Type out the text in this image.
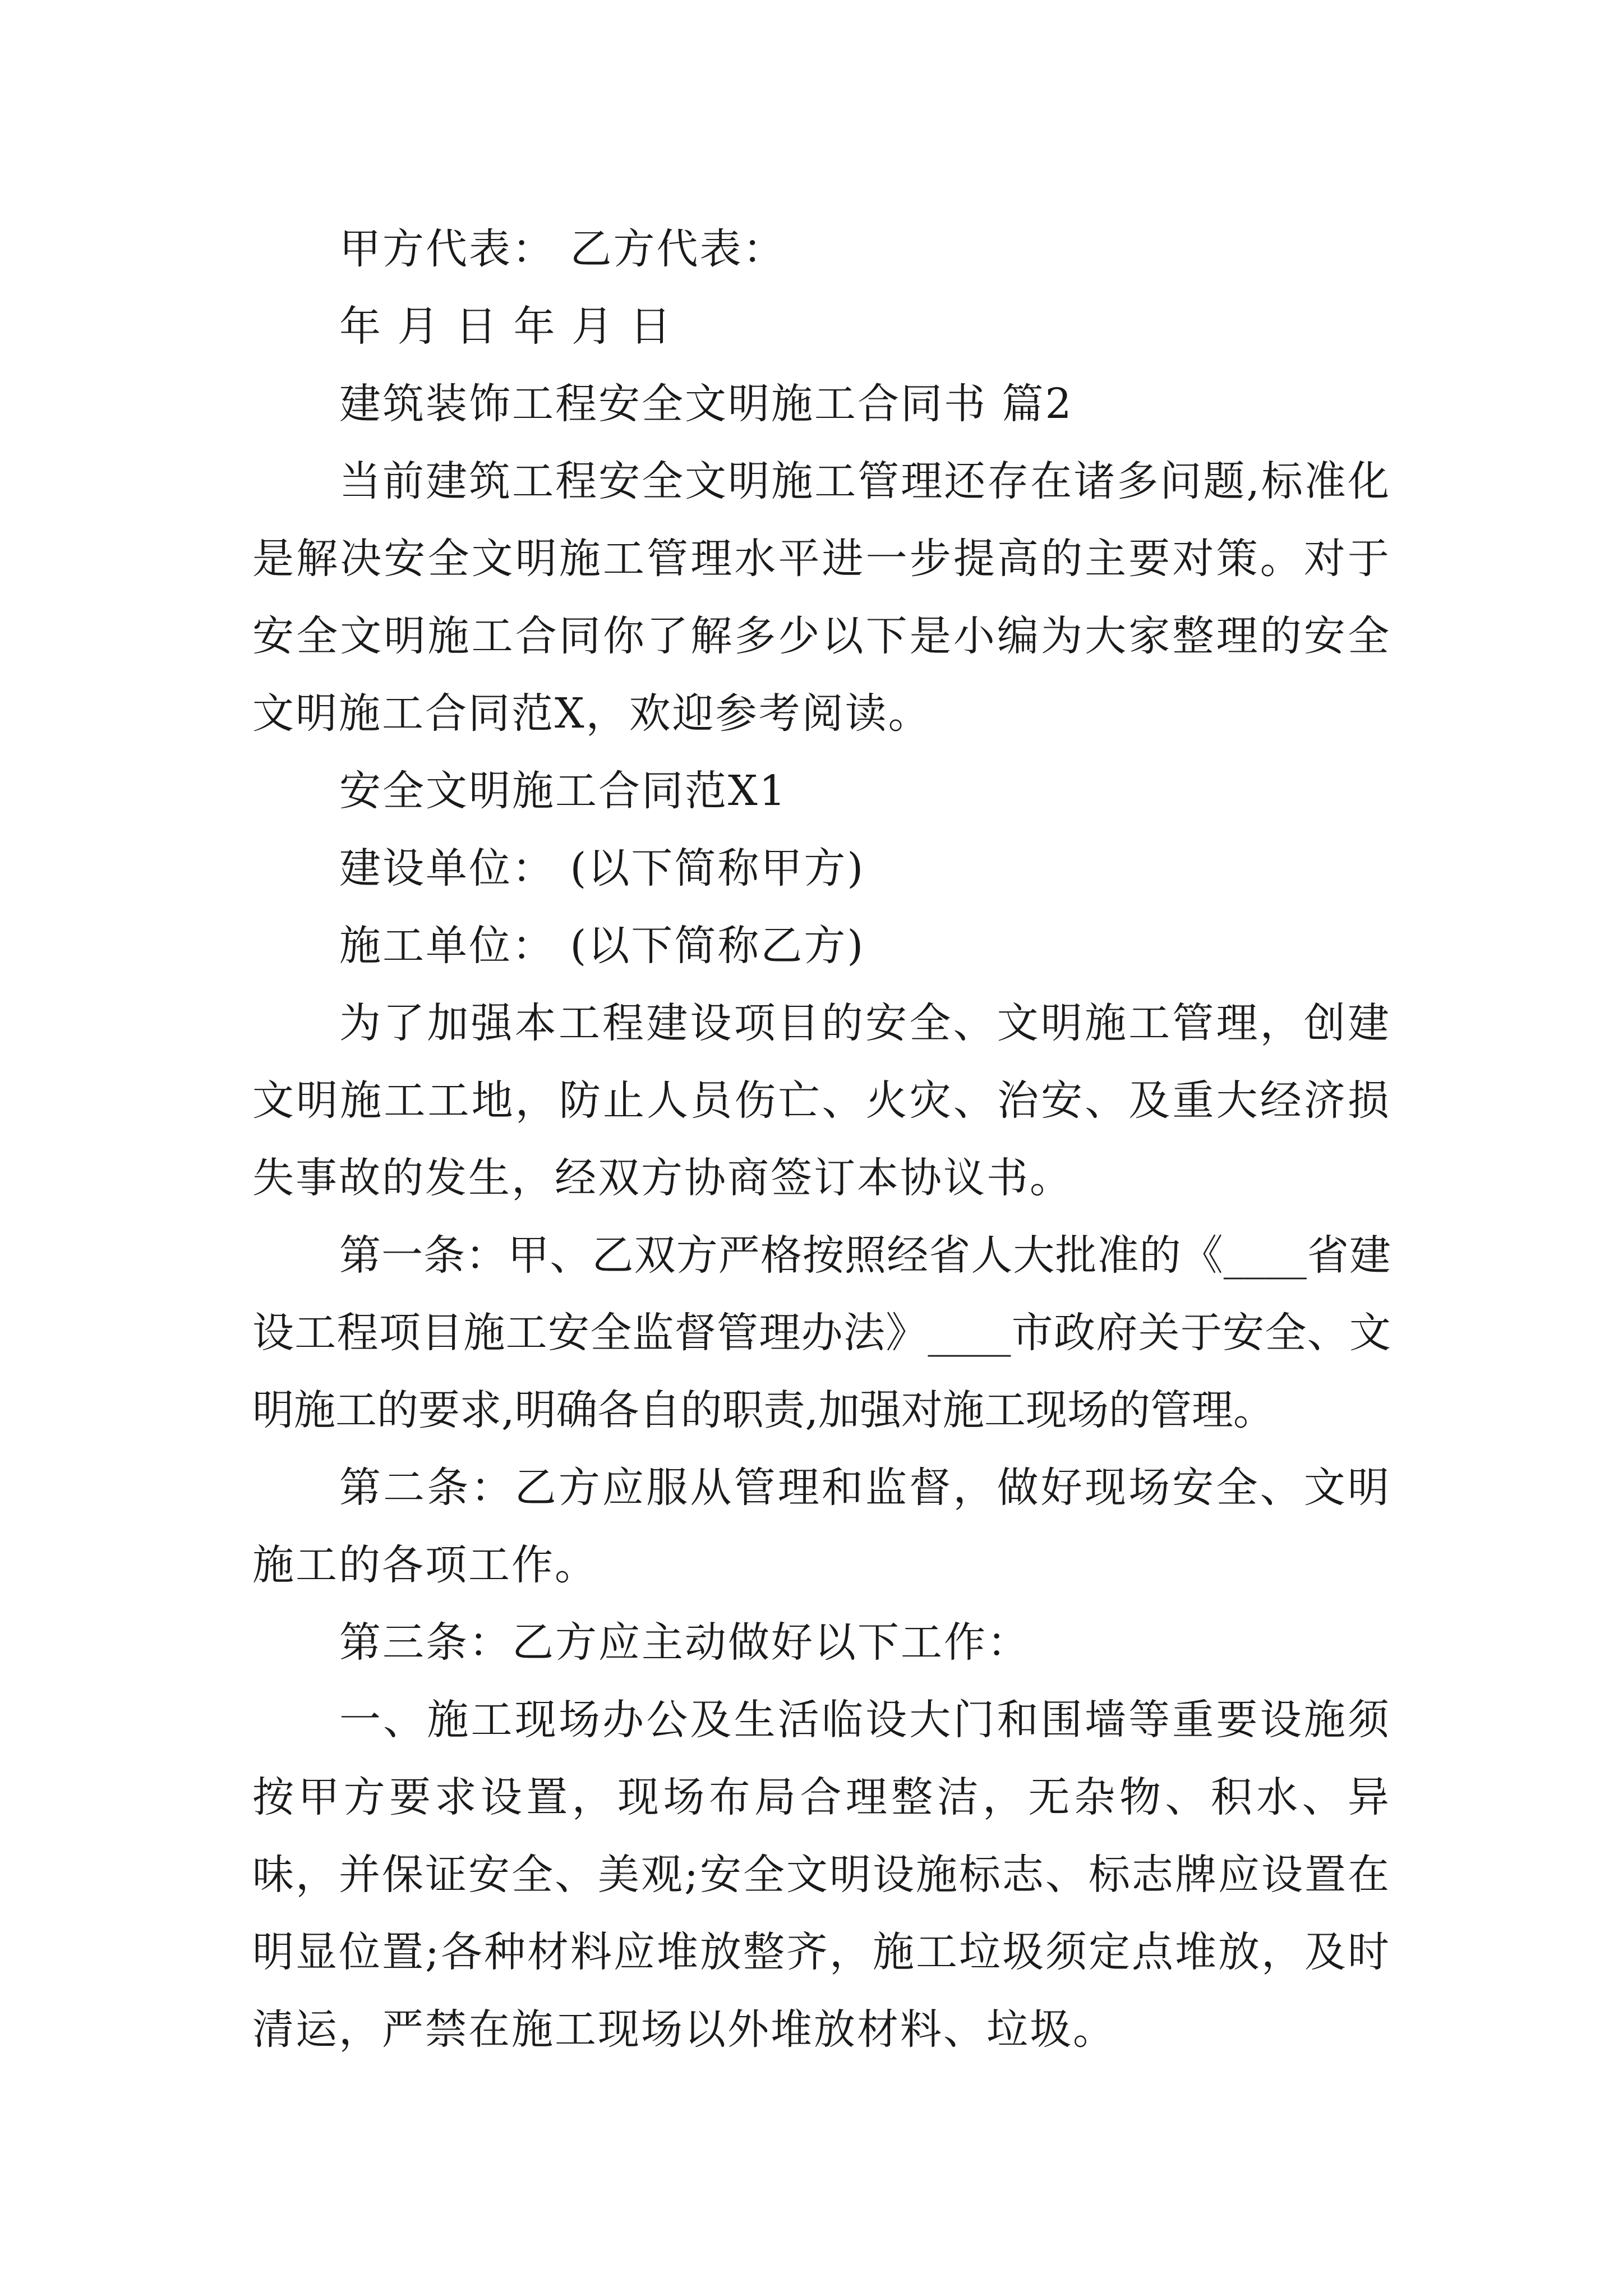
甲方代表： 乙方代表：

年 月 日 年 月 日

建筑装饰工程安全文明施工合同书 篇2

当前建筑工程安全文明施工管理还存在诸多问题,标准化是解决安全文明施工管理水平进一步提高的主要对策。对于安全文明施工合同你了解多少以下是小编为大家整理的安全文明施工合同范X，欢迎参考阅读。

安全文明施工合同范X1

建设单位： (以下简称甲方)

施工单位： (以下简称乙方)

为了加强本工程建设项目的安全、文明施工管理，创建文明施工工地，防止人员伤亡、火灾、治安、及重大经济损失事故的发生，经双方协商签订本协议书。

第一条：甲、乙双方严格按照经省人大批准的《____省建设工程项目施工安全监督管理办法》____市政府关于安全、文明施工的要求,明确各自的职责,加强对施工现场的管理。

第二条：乙方应服从管理和监督，做好现场安全、文明施工的各项工作。

第三条：乙方应主动做好以下工作：

一、施工现场办公及生活临设大门和围墙等重要设施须按甲方要求设置，现场布局合理整洁，无杂物、积水、异味，并保证安全、美观;安全文明设施标志、标志牌应设置在明显位置;各种材料应堆放整齐，施工垃圾须定点堆放，及时清运，严禁在施工现场以外堆放材料、垃圾。
